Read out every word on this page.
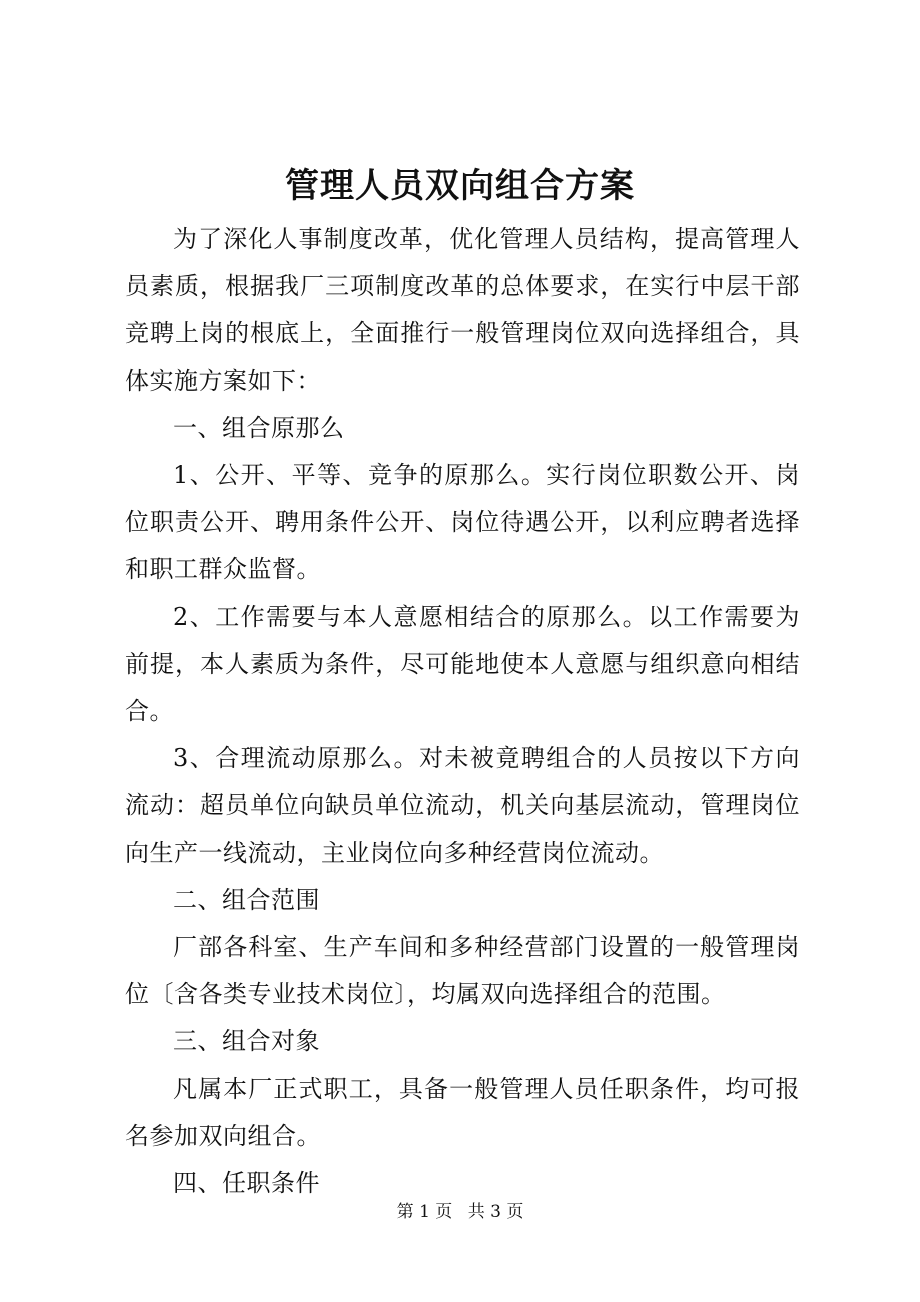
管理人员双向组合方案

为了深化人事制度改革，优化管理人员结构，提高管理人员素质，根据我厂三项制度改革的总体要求，在实行中层干部竞聘上岗的根底上，全面推行一般管理岗位双向选择组合，具体实施方案如下：

一、组合原那么

1、公开、平等、竞争的原那么。实行岗位职数公开、岗位职责公开、聘用条件公开、岗位待遇公开，以利应聘者选择和职工群众监督。

2、工作需要与本人意愿相结合的原那么。以工作需要为前提，本人素质为条件，尽可能地使本人意愿与组织意向相结合。

3、合理流动原那么。对未被竟聘组合的人员按以下方向流动：超员单位向缺员单位流动，机关向基层流动，管理岗位向生产一线流动，主业岗位向多种经营岗位流动。

二、组合范围

厂部各科室、生产车间和多种经营部门设置的一般管理岗位〔含各类专业技术岗位〕，均属双向选择组合的范围。

三、组合对象

凡属本厂正式职工，具备一般管理人员任职条件，均可报名参加双向组合。

四、任职条件

第 1 页 共 3 页
